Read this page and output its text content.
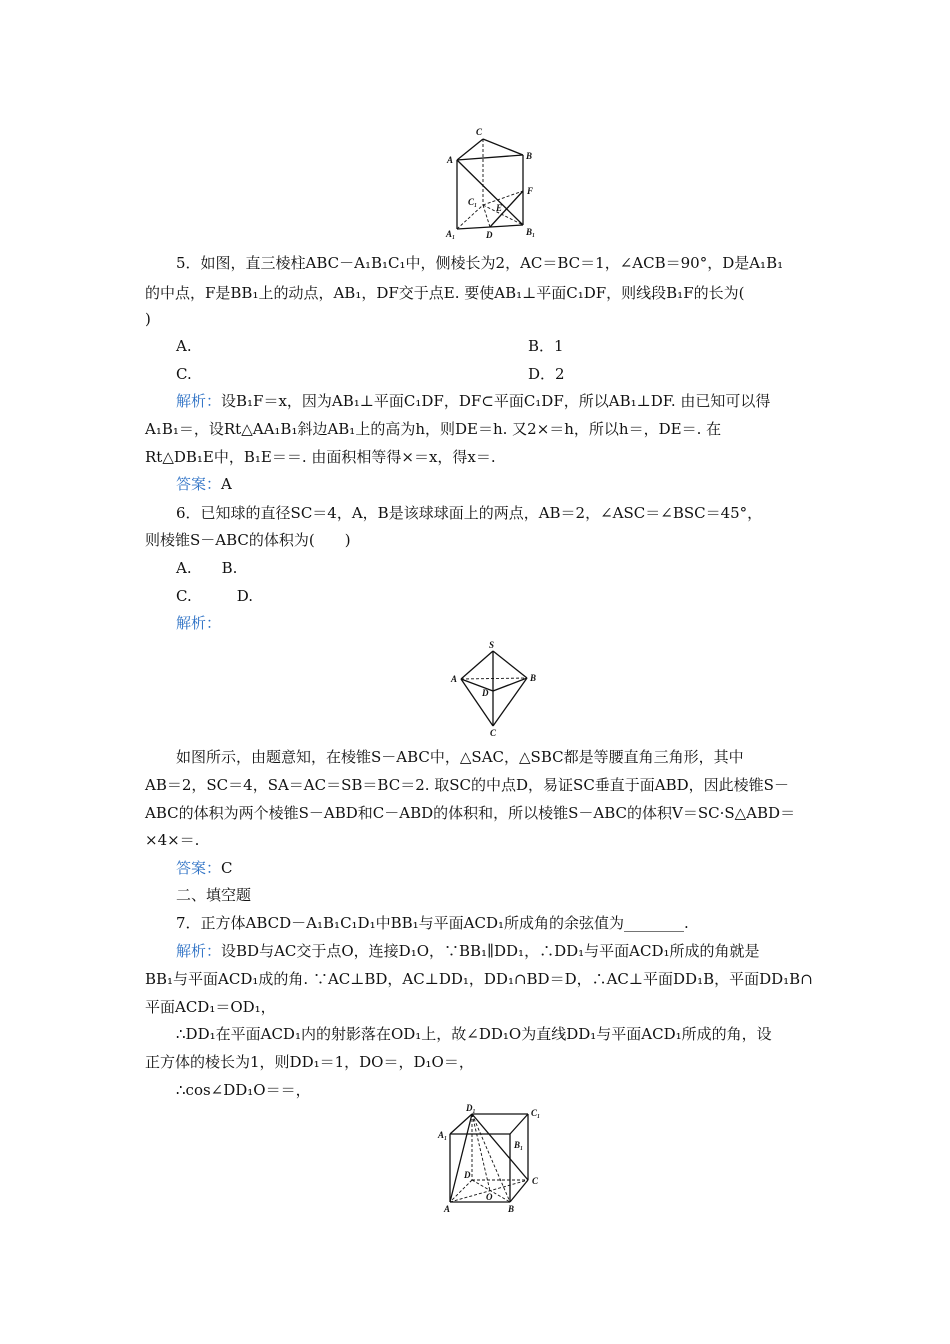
C
A	B
F
C₁
E
A₁	D	B₁
5．如图，直三棱柱ABC－A₁B₁C₁中，侧棱长为2，AC＝BC＝1，∠ACB＝90°，D是A₁B₁
的中点，F是BB₁上的动点，AB₁，DF交于点E. 要使AB₁⊥平面C₁DF，则线段B₁F的长为(
)
A.	B．1
C.	D．2
解析：设B₁F＝x，因为AB₁⊥平面C₁DF，DF⊂平面C₁DF，所以AB₁⊥DF. 由已知可以得
A₁B₁＝，设Rt△AA₁B₁斜边AB₁上的高为h，则DE＝h. 又2×＝h，所以h＝，DE＝. 在
Rt△DB₁E中，B₁E＝＝. 由面积相等得×＝x，得x＝.
答案：A
6．已知球的直径SC＝4，A，B是该球球面上的两点，AB＝2，∠ASC＝∠BSC＝45°，
则棱锥S－ABC的体积为(　　)
A.　　B.
C.　　　D.
解析：
S
A	B
D
C
如图所示，由题意知，在棱锥S－ABC中，△SAC，△SBC都是等腰直角三角形，其中
AB＝2，SC＝4，SA＝AC＝SB＝BC＝2. 取SC的中点D，易证SC垂直于面ABD，因此棱锥S－
ABC的体积为两个棱锥S－ABD和C－ABD的体积和，所以棱锥S－ABC的体积V＝SC·S△ABD＝
×4×＝.
答案：C
二、填空题
7．正方体ABCD－A₁B₁C₁D₁中BB₁与平面ACD₁所成角的余弦值为________.
解析：设BD与AC交于点O，连接D₁O，∵BB₁∥DD₁，∴DD₁与平面ACD₁所成的角就是
BB₁与平面ACD₁成的角. ∵AC⊥BD，AC⊥DD₁，DD₁∩BD＝D，∴AC⊥平面DD₁B，平面DD₁B∩
平面ACD₁＝OD₁，
∴DD₁在平面ACD₁内的射影落在OD₁上，故∠DD₁O为直线DD₁与平面ACD₁所成的角，设
正方体的棱长为1，则DD₁＝1，DO＝，D₁O＝，
∴cos∠DD₁O＝＝，
D₁	C₁
A₁
B₁
D
C
O
A	B
